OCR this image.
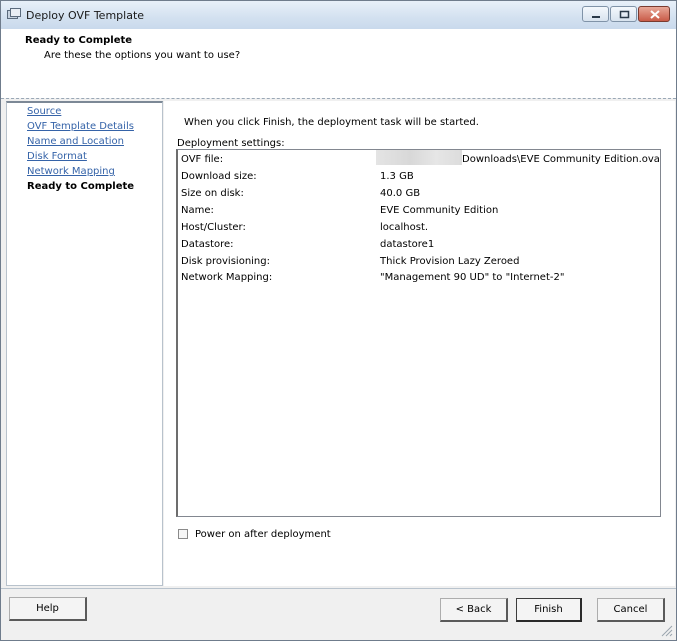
Deploy OVF Template
Ready to Complete
Are these the options you want to use?
Source
OVF Template Details
Name and Location
Disk Format
Network Mapping
Ready to Complete
When you click Finish, the deployment task will be started.
Deployment settings:
OVF file:	Downloads\EVE Community Edition.ova
Download size:	1.3 GB
Size on disk:	40.0 GB
Name:	EVE Community Edition
Host/Cluster:	localhost.
Datastore:	datastore1
Disk provisioning:	Thick Provision Lazy Zeroed
Network Mapping:	"Management 90 UD" to "Internet-2"
Power on after deployment
Help	< Back	Finish	Cancel
